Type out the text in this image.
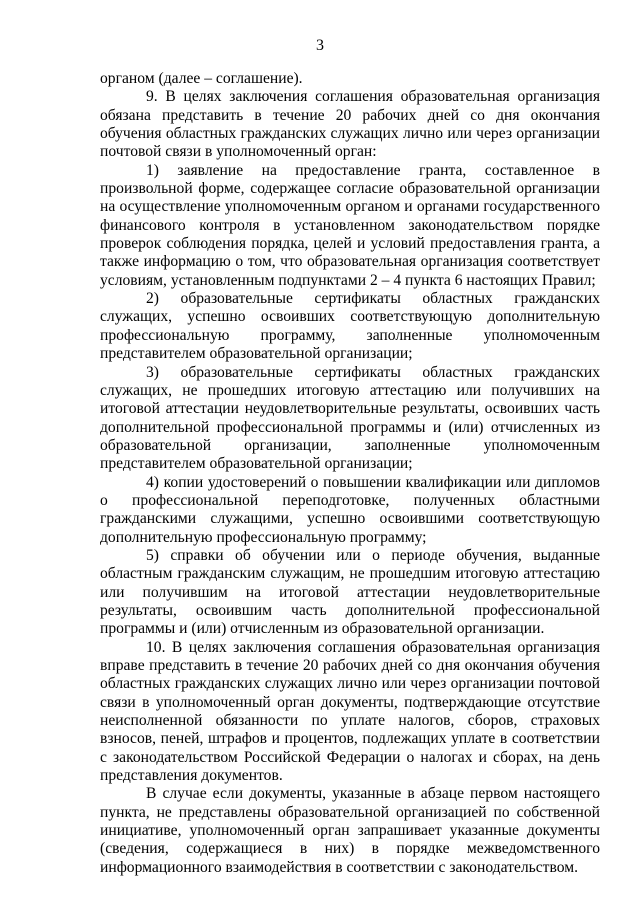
3

органом (далее – соглашение).

9. В целях заключения соглашения образовательная организация обязана представить в течение 20 рабочих дней со дня окончания обучения областных гражданских служащих лично или через организации почтовой связи в уполномоченный орган:

1) заявление на предоставление гранта, составленное в произвольной форме, содержащее согласие образовательной организации на осуществление уполномоченным органом и органами государственного финансового контроля в установленном законодательством порядке проверок соблюдения порядка, целей и условий предоставления гранта, а также информацию о том, что образовательная организация соответствует условиям, установленным подпунктами 2 – 4 пункта 6 настоящих Правил;

2) образовательные сертификаты областных гражданских служащих, успешно освоивших соответствующую дополнительную профессиональную программу, заполненные уполномоченным представителем образовательной организации;

3) образовательные сертификаты областных гражданских служащих, не прошедших итоговую аттестацию или получивших на итоговой аттестации неудовлетворительные результаты, освоивших часть дополнительной профессиональной программы и (или) отчисленных из образовательной организации, заполненные уполномоченным представителем образовательной организации;

4) копии удостоверений о повышении квалификации или дипломов о профессиональной переподготовке, полученных областными гражданскими служащими, успешно освоившими соответствующую дополнительную профессиональную программу;

5) справки об обучении или о периоде обучения, выданные областным гражданским служащим, не прошедшим итоговую аттестацию или получившим на итоговой аттестации неудовлетворительные результаты, освоившим часть дополнительной профессиональной программы и (или) отчисленным из образовательной организации.

10. В целях заключения соглашения образовательная организация вправе представить в течение 20 рабочих дней со дня окончания обучения областных гражданских служащих лично или через организации почтовой связи в уполномоченный орган документы, подтверждающие отсутствие неисполненной обязанности по уплате налогов, сборов, страховых взносов, пеней, штрафов и процентов, подлежащих уплате в соответствии с законодательством Российской Федерации о налогах и сборах, на день представления документов.

В случае если документы, указанные в абзаце первом настоящего пункта, не представлены образовательной организацией по собственной инициативе, уполномоченный орган запрашивает указанные документы (сведения, содержащиеся в них) в порядке межведомственного информационного взаимодействия в соответствии с законодательством.
